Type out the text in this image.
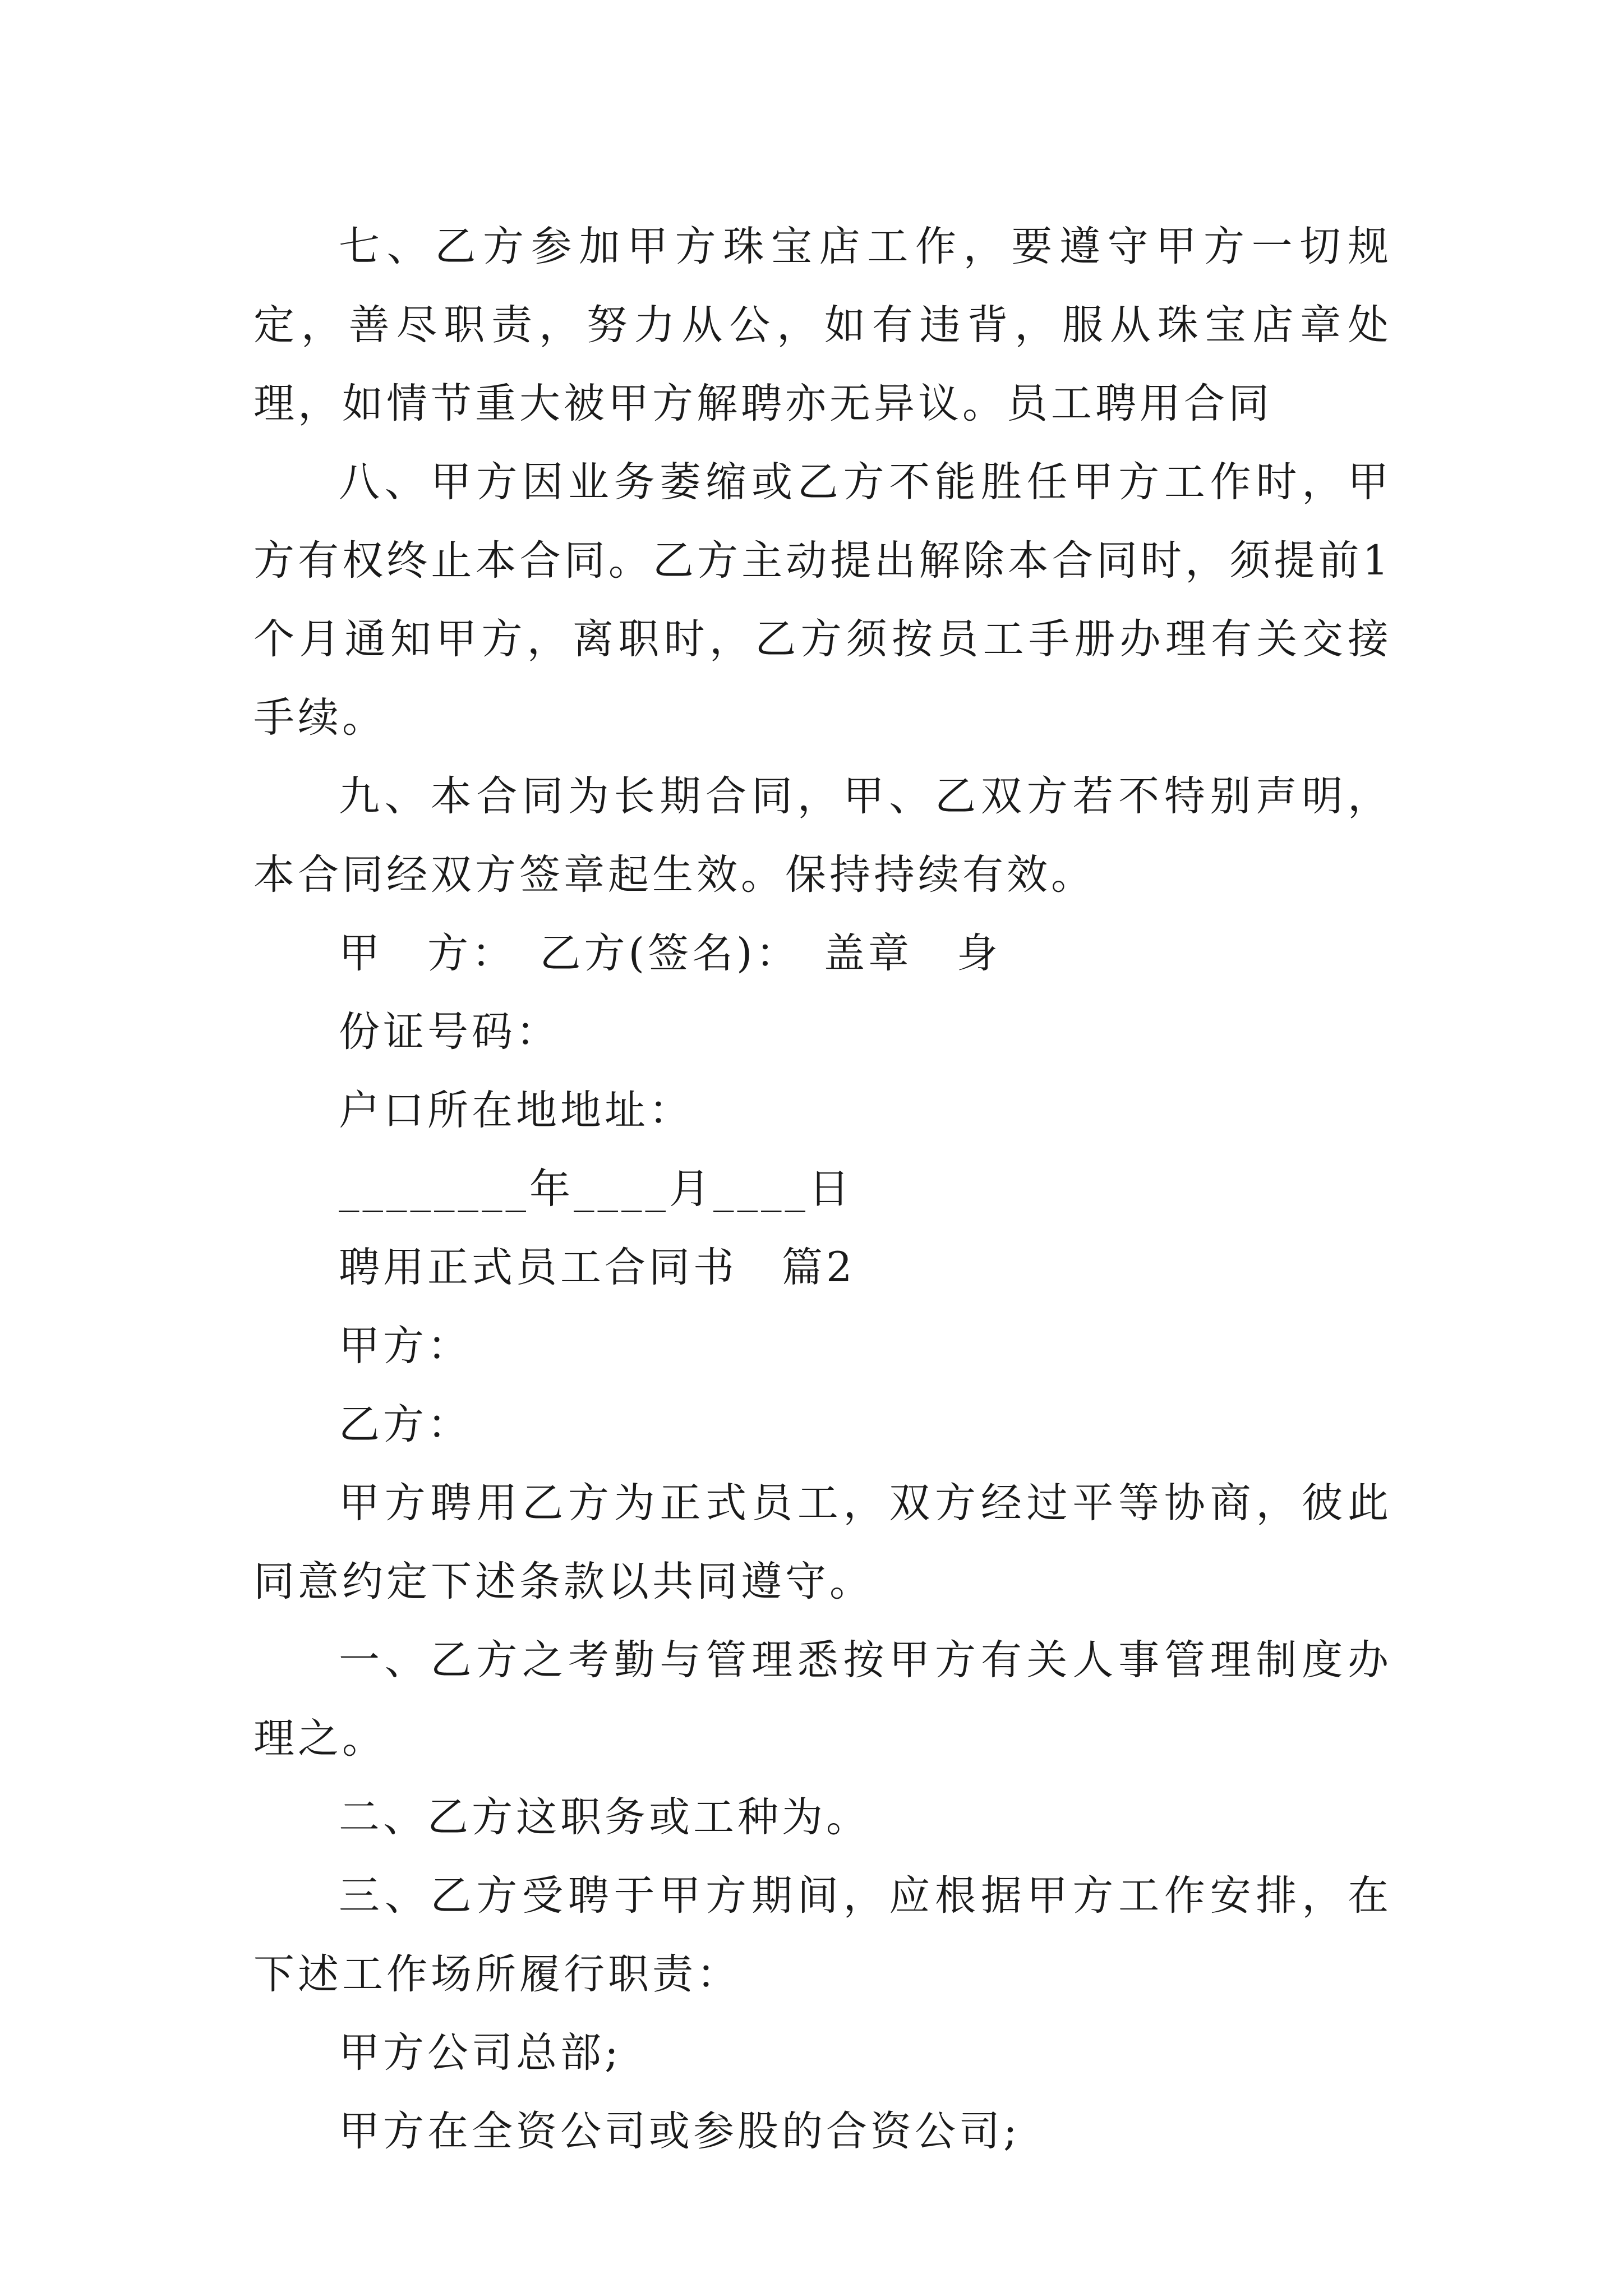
七、乙方参加甲方珠宝店工作，要遵守甲方一切规定，善尽职责，努力从公，如有违背，服从珠宝店章处理，如情节重大被甲方解聘亦无异议。员工聘用合同

八、甲方因业务萎缩或乙方不能胜任甲方工作时，甲方有权终止本合同。乙方主动提出解除本合同时，须提前1个月通知甲方，离职时，乙方须按员工手册办理有关交接手续。

九、本合同为长期合同，甲、乙双方若不特别声明，本合同经双方签章起生效。保持持续有效。

甲　方：　乙方(签名)：　盖章　身

份证号码：

户口所在地地址：

________年____月____日

聘用正式员工合同书　篇2

甲方：

乙方：

甲方聘用乙方为正式员工，双方经过平等协商，彼此同意约定下述条款以共同遵守。

一、乙方之考勤与管理悉按甲方有关人事管理制度办理之。

二、乙方这职务或工种为。

三、乙方受聘于甲方期间，应根据甲方工作安排，在下述工作场所履行职责：

甲方公司总部;

甲方在全资公司或参股的合资公司;
